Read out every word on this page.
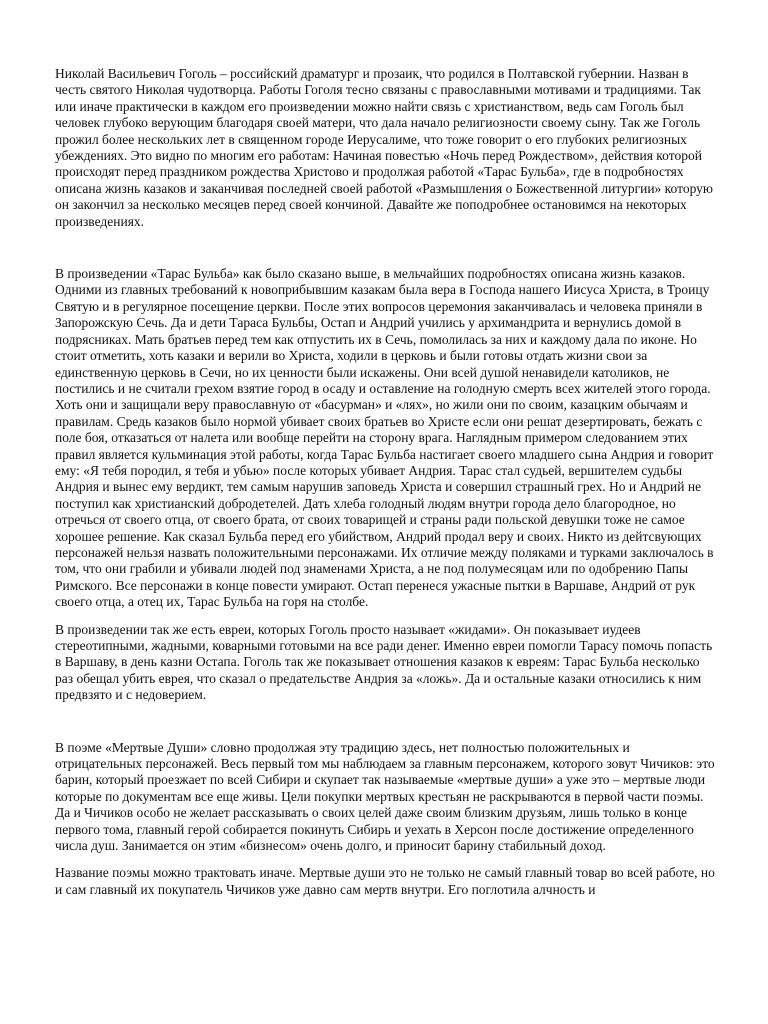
Николай Васильевич Гоголь – российский драматург и прозаик, что родился в Полтавской губернии. Назван в честь святого Николая чудотворца. Работы Гоголя тесно связаны с православными мотивами и традициями. Так или иначе практически в каждом его произведении можно найти связь с христианством, ведь сам Гоголь был человек глубоко верующим благодаря своей матери, что дала начало религиозности своему сыну. Так же Гоголь прожил более нескольких лет в священном городе Иерусалиме, что тоже говорит о его глубоких религиозных убеждениях. Это видно по многим его работам: Начиная повестью «Ночь перед Рождеством», действия которой происходят перед праздником рождества Христово и продолжая работой «Тарас Бульба», где в подробностях описана жизнь казаков и заканчивая последней своей работой «Размышления о Божественной литургии» которую он закончил за несколько месяцев перед своей кончиной. Давайте же поподробнее остановимся на некоторых произведениях.

В произведении «Тарас Бульба» как было сказано выше, в мельчайших подробностях описана жизнь казаков. Одними из главных требований к новоприбывшим казакам была вера в Господа нашего Иисуса Христа, в Троицу Святую и в регулярное посещение церкви. После этих вопросов церемония заканчивалась и человека приняли в Запорожскую Сечь. Да и дети Тараса Бульбы, Остап и Андрий учились у архимандрита и вернулись домой в подрясниках. Мать братьев перед тем как отпустить их в Сечь, помолилась за них и каждому дала по иконе. Но стоит отметить, хоть казаки и верили во Христа, ходили в церковь и были готовы отдать жизни свои за единственную церковь в Сечи, но их ценности были искажены. Они всей душой ненавидели католиков, не постились и не считали грехом взятие город в осаду и оставление на голодную смерть всех жителей этого города. Хоть они и защищали веру православную от «басурман» и «лях», но жили они по своим, казацким обычаям и правилам. Средь казаков было нормой убивает своих братьев во Христе если они решат дезертировать, бежать с поле боя, отказаться от налета или вообще перейти на сторону врага. Наглядным примером следованием этих правил является кульминация этой работы, когда Тарас Бульба настигает своего младшего сына Андрия и говорит ему: «Я тебя породил, я тебя и убью» после которых убивает Андрия. Тарас стал судьей, вершителем судьбы Андрия и вынес ему вердикт, тем самым нарушив заповедь Христа и совершил страшный грех. Но и Андрий не поступил как христианский добродетелей. Дать хлеба голодный людям внутри города дело благородное, но отречься от своего отца, от своего брата, от своих товарищей и страны ради польской девушки тоже не самое хорошее решение. Как сказал Бульба перед его убийством, Андрий продал веру и своих. Никто из дейтсвующих персонажей нельзя назвать положительными персонажами. Их отличие между поляками и турками заключалось в том, что они грабили и убивали людей под знаменами Христа, а не под полумесяцам или по одобрению Папы Римского. Все персонажи в конце повести умирают. Остап перенеся ужасные пытки в Варшаве, Андрий от рук своего отца, а отец их, Тарас Бульба на горя на столбе.

В произведении так же есть евреи, которых Гоголь просто называет «жидами». Он показывает иудеев стереотипными, жадными, коварными готовыми на все ради денег. Именно евреи помогли Тарасу помочь попасть в Варшаву, в день казни Остапа. Гоголь так же показывает отношения казаков к евреям: Тарас Бульба несколько раз обещал убить еврея, что сказал о предательстве Андрия за «ложь». Да и остальные казаки относились к ним предвзято и с недоверием.

В поэме «Мертвые Души» словно продолжая эту традицию здесь, нет полностью положительных и отрицательных персонажей. Весь первый том мы наблюдаем за главным персонажем, которого зовут Чичиков: это барин, который проезжает по всей Сибири и скупает так называемые «мертвые души» а уже это – мертвые люди которые по документам все еще живы. Цели покупки мертвых крестьян не раскрываются в первой части поэмы. Да и Чичиков особо не желает рассказывать о своих целей даже своим близким друзьям, лишь только в конце первого тома, главный герой собирается покинуть Сибирь и уехать в Херсон после достижение определенного числа душ. Занимается он этим «бизнесом» очень долго, и приносит барину стабильный доход.

Название поэмы можно трактовать иначе. Мертвые души это не только не самый главный товар во всей работе, но и сам главный их покупатель Чичиков уже давно сам мертв внутри. Его поглотила алчность и
